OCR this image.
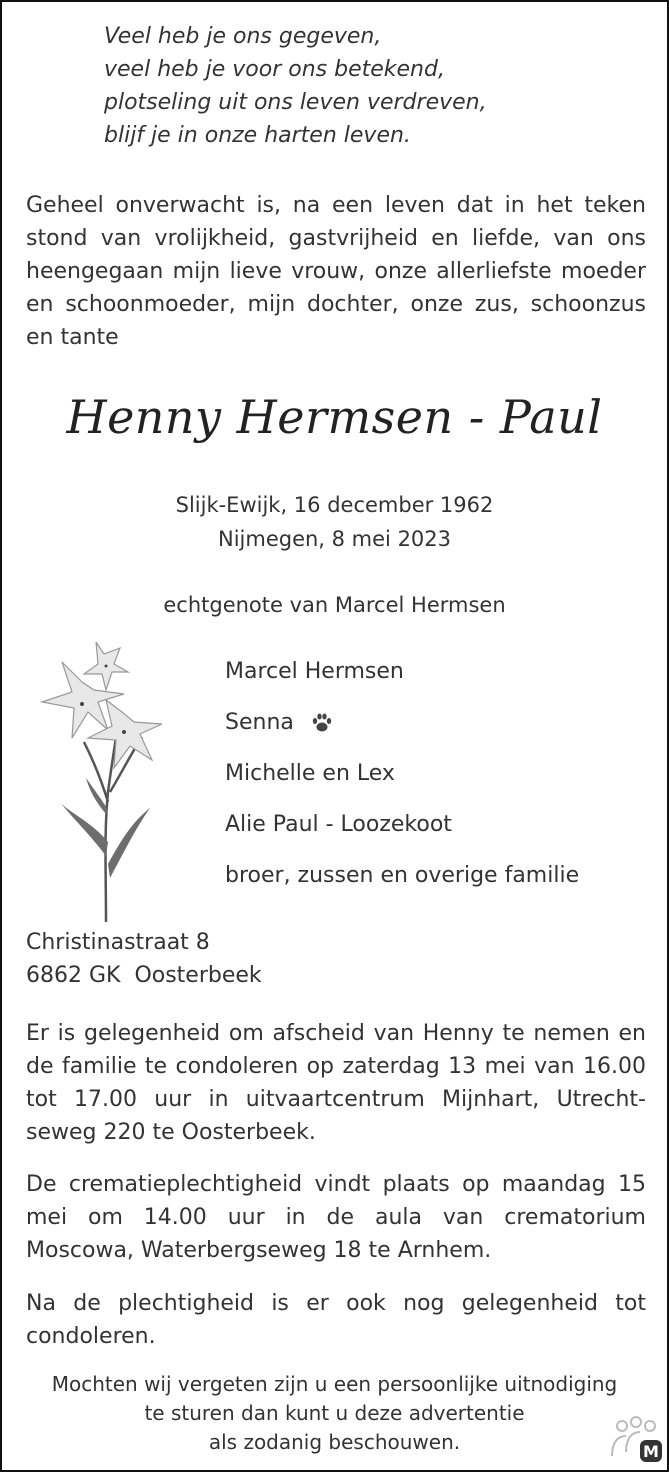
Veel heb je ons gegeven,
veel heb je voor ons betekend,
plotseling uit ons leven verdreven,
blijf je in onze harten leven.
Geheel onverwacht is, na een leven dat in het teken stond van vrolijkheid, gastvrijheid en liefde, van ons heengegaan mijn lieve vrouw, onze allerliefste moeder en schoonmoeder, mijn dochter, onze zus, schoonzus en tante
Henny Hermsen - Paul
Slijk-Ewijk, 16 december 1962
Nijmegen, 8 mei 2023
echtgenote van Marcel Hermsen
Marcel Hermsen
Senna
Michelle en Lex
Alie Paul - Loozekoot
broer, zussen en overige familie
Christinastraat 8
6862 GK  Oosterbeek
Er is gelegenheid om afscheid van Henny te nemen en de familie te condoleren op zaterdag 13 mei van 16.00 tot 17.00 uur in uitvaartcentrum Mijnhart, Utrecht-seweg 220 te Oosterbeek.
De crematieplechtigheid vindt plaats op maandag 15 mei om 14.00 uur in de aula van crematorium Moscowa, Waterbergseweg 18 te Arnhem.
Na de plechtigheid is er ook nog gelegenheid tot condoleren.
Mochten wij vergeten zijn u een persoonlijke uitnodiging
te sturen dan kunt u deze advertentie
als zodanig beschouwen.	M
